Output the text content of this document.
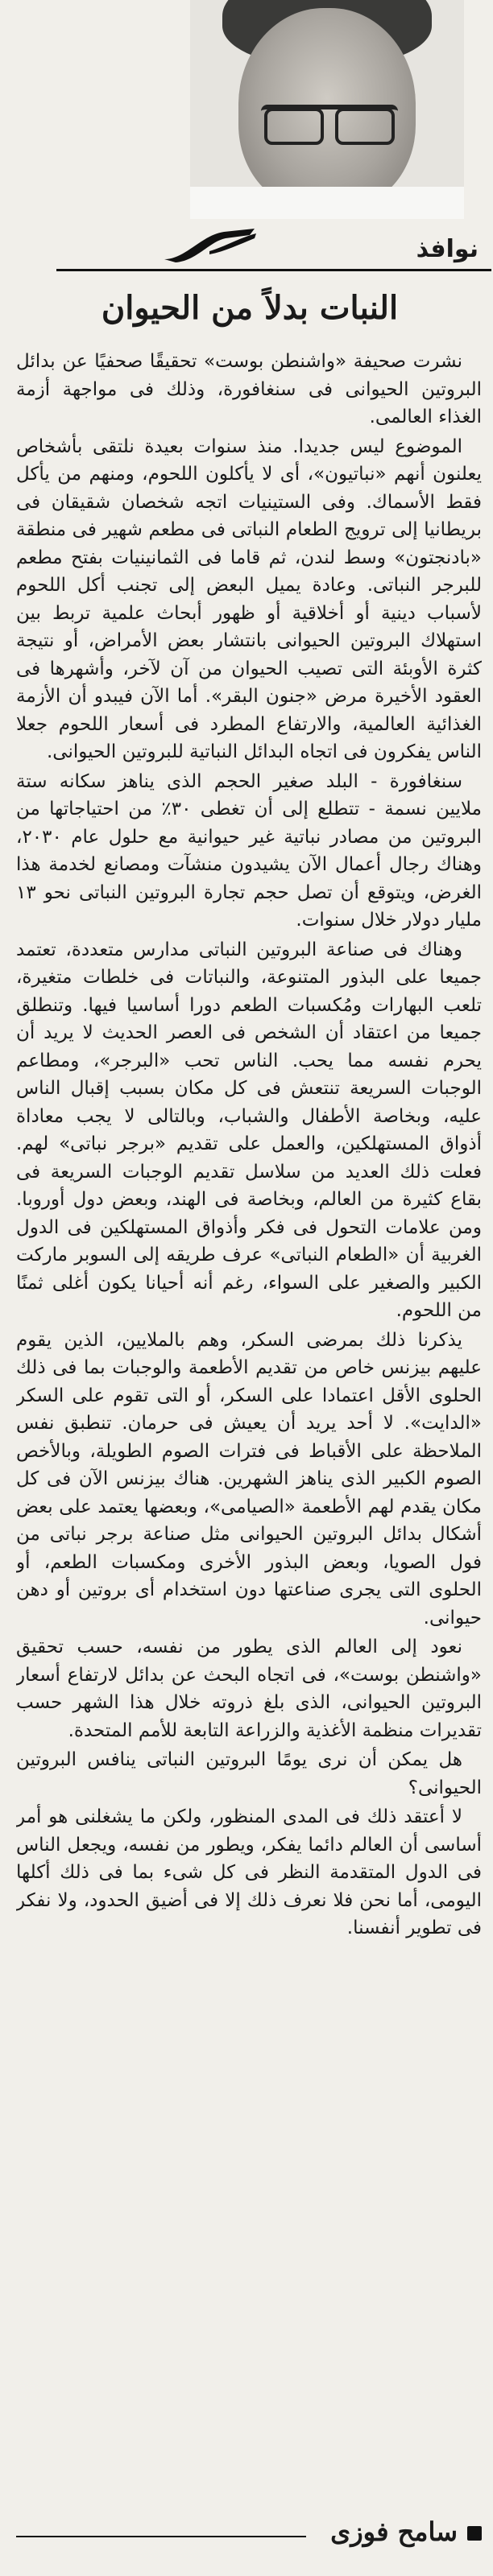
نوافذ
النبات بدلاً من الحيوان

نشرت صحيفة «واشنطن بوست» تحقيقًا صحفيًا عن بدائل البروتين الحيوانى فى سنغافورة، وذلك فى مواجهة أزمة الغذاء العالمى.

الموضوع ليس جديدا. منذ سنوات بعيدة نلتقى بأشخاص يعلنون أنهم «نباتيون»، أى لا يأكلون اللحوم، ومنهم من يأكل فقط الأسماك. وفى الستينيات اتجه شخصان شقيقان فى بريطانيا إلى ترويج الطعام النباتى فى مطعم شهير فى منطقة «بادنجتون» وسط لندن، ثم قاما فى الثمانينيات بفتح مطعم للبرجر النباتى. وعادة يميل البعض إلى تجنب أكل اللحوم لأسباب دينية أو أخلاقية أو ظهور أبحاث علمية تربط بين استهلاك البروتين الحيوانى بانتشار بعض الأمراض، أو نتيجة كثرة الأوبئة التى تصيب الحيوان من آن لآخر، وأشهرها فى العقود الأخيرة مرض «جنون البقر». أما الآن فيبدو أن الأزمة الغذائية العالمية، والارتفاع المطرد فى أسعار اللحوم جعلا الناس يفكرون فى اتجاه البدائل النباتية للبروتين الحيوانى.

سنغافورة - البلد صغير الحجم الذى يناهز سكانه ستة ملايين نسمة - تتطلع إلى أن تغطى ٣٠٪ من احتياجاتها من البروتين من مصادر نباتية غير حيوانية مع حلول عام ٢٠٣٠، وهناك رجال أعمال الآن يشيدون منشآت ومصانع لخدمة هذا الغرض، ويتوقع أن تصل حجم تجارة البروتين النباتى نحو ١٣ مليار دولار خلال سنوات.

وهناك فى صناعة البروتين النباتى مدارس متعددة، تعتمد جميعا على البذور المتنوعة، والنباتات فى خلطات متغيرة، تلعب البهارات ومُكسبات الطعم دورا أساسيا فيها. وتنطلق جميعا من اعتقاد أن الشخص فى العصر الحديث لا يريد أن يحرم نفسه مما يحب. الناس تحب «البرجر»، ومطاعم الوجبات السريعة تنتعش فى كل مكان بسبب إقبال الناس عليه، وبخاصة الأطفال والشباب، وبالتالى لا يجب معاداة أذواق المستهلكين، والعمل على تقديم «برجر نباتى» لهم. فعلت ذلك العديد من سلاسل تقديم الوجبات السريعة فى بقاع كثيرة من العالم، وبخاصة فى الهند، وبعض دول أوروبا. ومن علامات التحول فى فكر وأذواق المستهلكين فى الدول الغربية أن «الطعام النباتى» عرف طريقه إلى السوبر ماركت الكبير والصغير على السواء، رغم أنه أحيانا يكون أغلى ثمنًا من اللحوم.

يذكرنا ذلك بمرضى السكر، وهم بالملايين، الذين يقوم عليهم بيزنس خاص من تقديم الأطعمة والوجبات بما فى ذلك الحلوى الأقل اعتمادا على السكر، أو التى تقوم على السكر «الدايت». لا أحد يريد أن يعيش فى حرمان. تنطبق نفس الملاحظة على الأقباط فى فترات الصوم الطويلة، وبالأخص الصوم الكبير الذى يناهز الشهرين. هناك بيزنس الآن فى كل مكان يقدم لهم الأطعمة «الصيامى»، وبعضها يعتمد على بعض أشكال بدائل البروتين الحيوانى مثل صناعة برجر نباتى من فول الصويا، وبعض البذور الأخرى ومكسبات الطعم، أو الحلوى التى يجرى صناعتها دون استخدام أى بروتين أو دهن حيوانى.

نعود إلى العالم الذى يطور من نفسه، حسب تحقيق «واشنطن بوست»، فى اتجاه البحث عن بدائل لارتفاع أسعار البروتين الحيوانى، الذى بلغ ذروته خلال هذا الشهر حسب تقديرات منظمة الأغذية والزراعة التابعة للأمم المتحدة.

هل يمكن أن نرى يومًا البروتين النباتى ينافس البروتين الحيوانى؟

لا أعتقد ذلك فى المدى المنظور، ولكن ما يشغلنى هو أمر أساسى أن العالم دائما يفكر، ويطور من نفسه، ويجعل الناس فى الدول المتقدمة النظر فى كل شىء بما فى ذلك أكلها اليومى، أما نحن فلا نعرف ذلك إلا فى أضيق الحدود، ولا نفكر فى تطوير أنفسنا.

سامح فوزى
